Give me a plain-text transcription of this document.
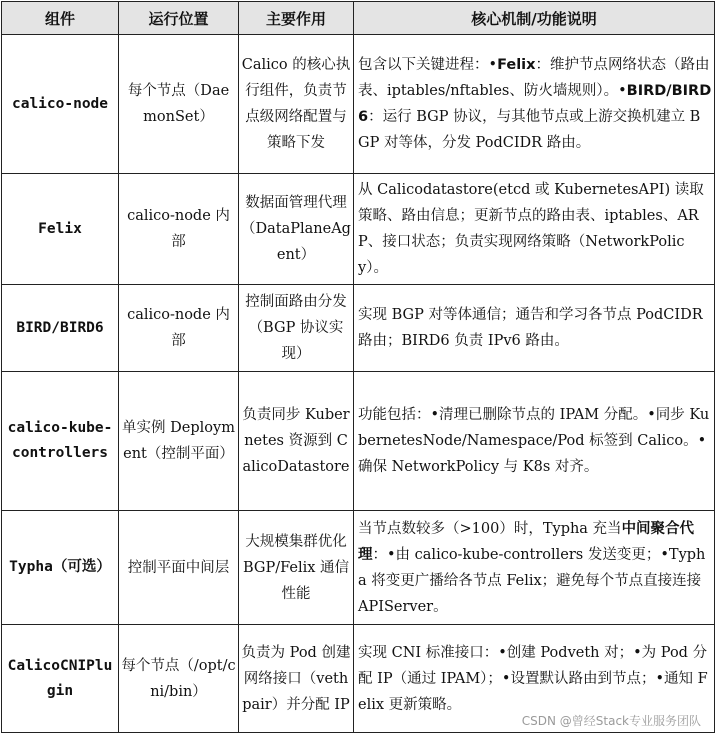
组件	运行位置	主要作用	核心机制/功能说明
calico-node	每个节点（DaemonSet）	Calico 的核心执行组件，负责节点级网络配置与策略下发	包含以下关键进程：•Felix：维护节点网络状态（路由表、iptables/nftables、防火墙规则）。•BIRD/BIRD6：运行 BGP 协议，与其他节点或上游交换机建立 BGP 对等体，分发 PodCIDR 路由。
Felix	calico-node 内部	数据面管理代理（DataPlaneAgent）	从 Calicodatastore(etcd 或 KubernetesAPI) 读取策略、路由信息；更新节点的路由表、iptables、ARP、接口状态；负责实现网络策略（NetworkPolicy）。
BIRD/BIRD6	calico-node 内部	控制面路由分发（BGP 协议实现）	实现 BGP 对等体通信；通告和学习各节点 PodCIDR 路由；BIRD6 负责 IPv6 路由。
calico-kube-controllers	单实例 Deployment（控制平面）	负责同步 Kubernetes 资源到 CalicoDatastore	功能包括：•清理已删除节点的 IPAM 分配。•同步 KubernetesNode/Namespace/Pod 标签到 Calico。•确保 NetworkPolicy 与 K8s 对齐。
Typha（可选）	控制平面中间层	大规模集群优化 BGP/Felix 通信性能	当节点数较多（>100）时，Typha 充当中间聚合代理：•由 calico-kube-controllers 发送变更；•Typha 将变更广播给各节点 Felix；避免每个节点直接连接 APIServer。
CalicoCNIPlugin	每个节点（/opt/cni/bin）	负责为 Pod 创建网络接口（vethpair）并分配 IP	实现 CNI 标准接口：•创建 Podveth 对；•为 Pod 分配 IP（通过 IPAM）；•设置默认路由到节点；•通知 Felix 更新策略。
CSDN @曾经Stack专业服务团队
